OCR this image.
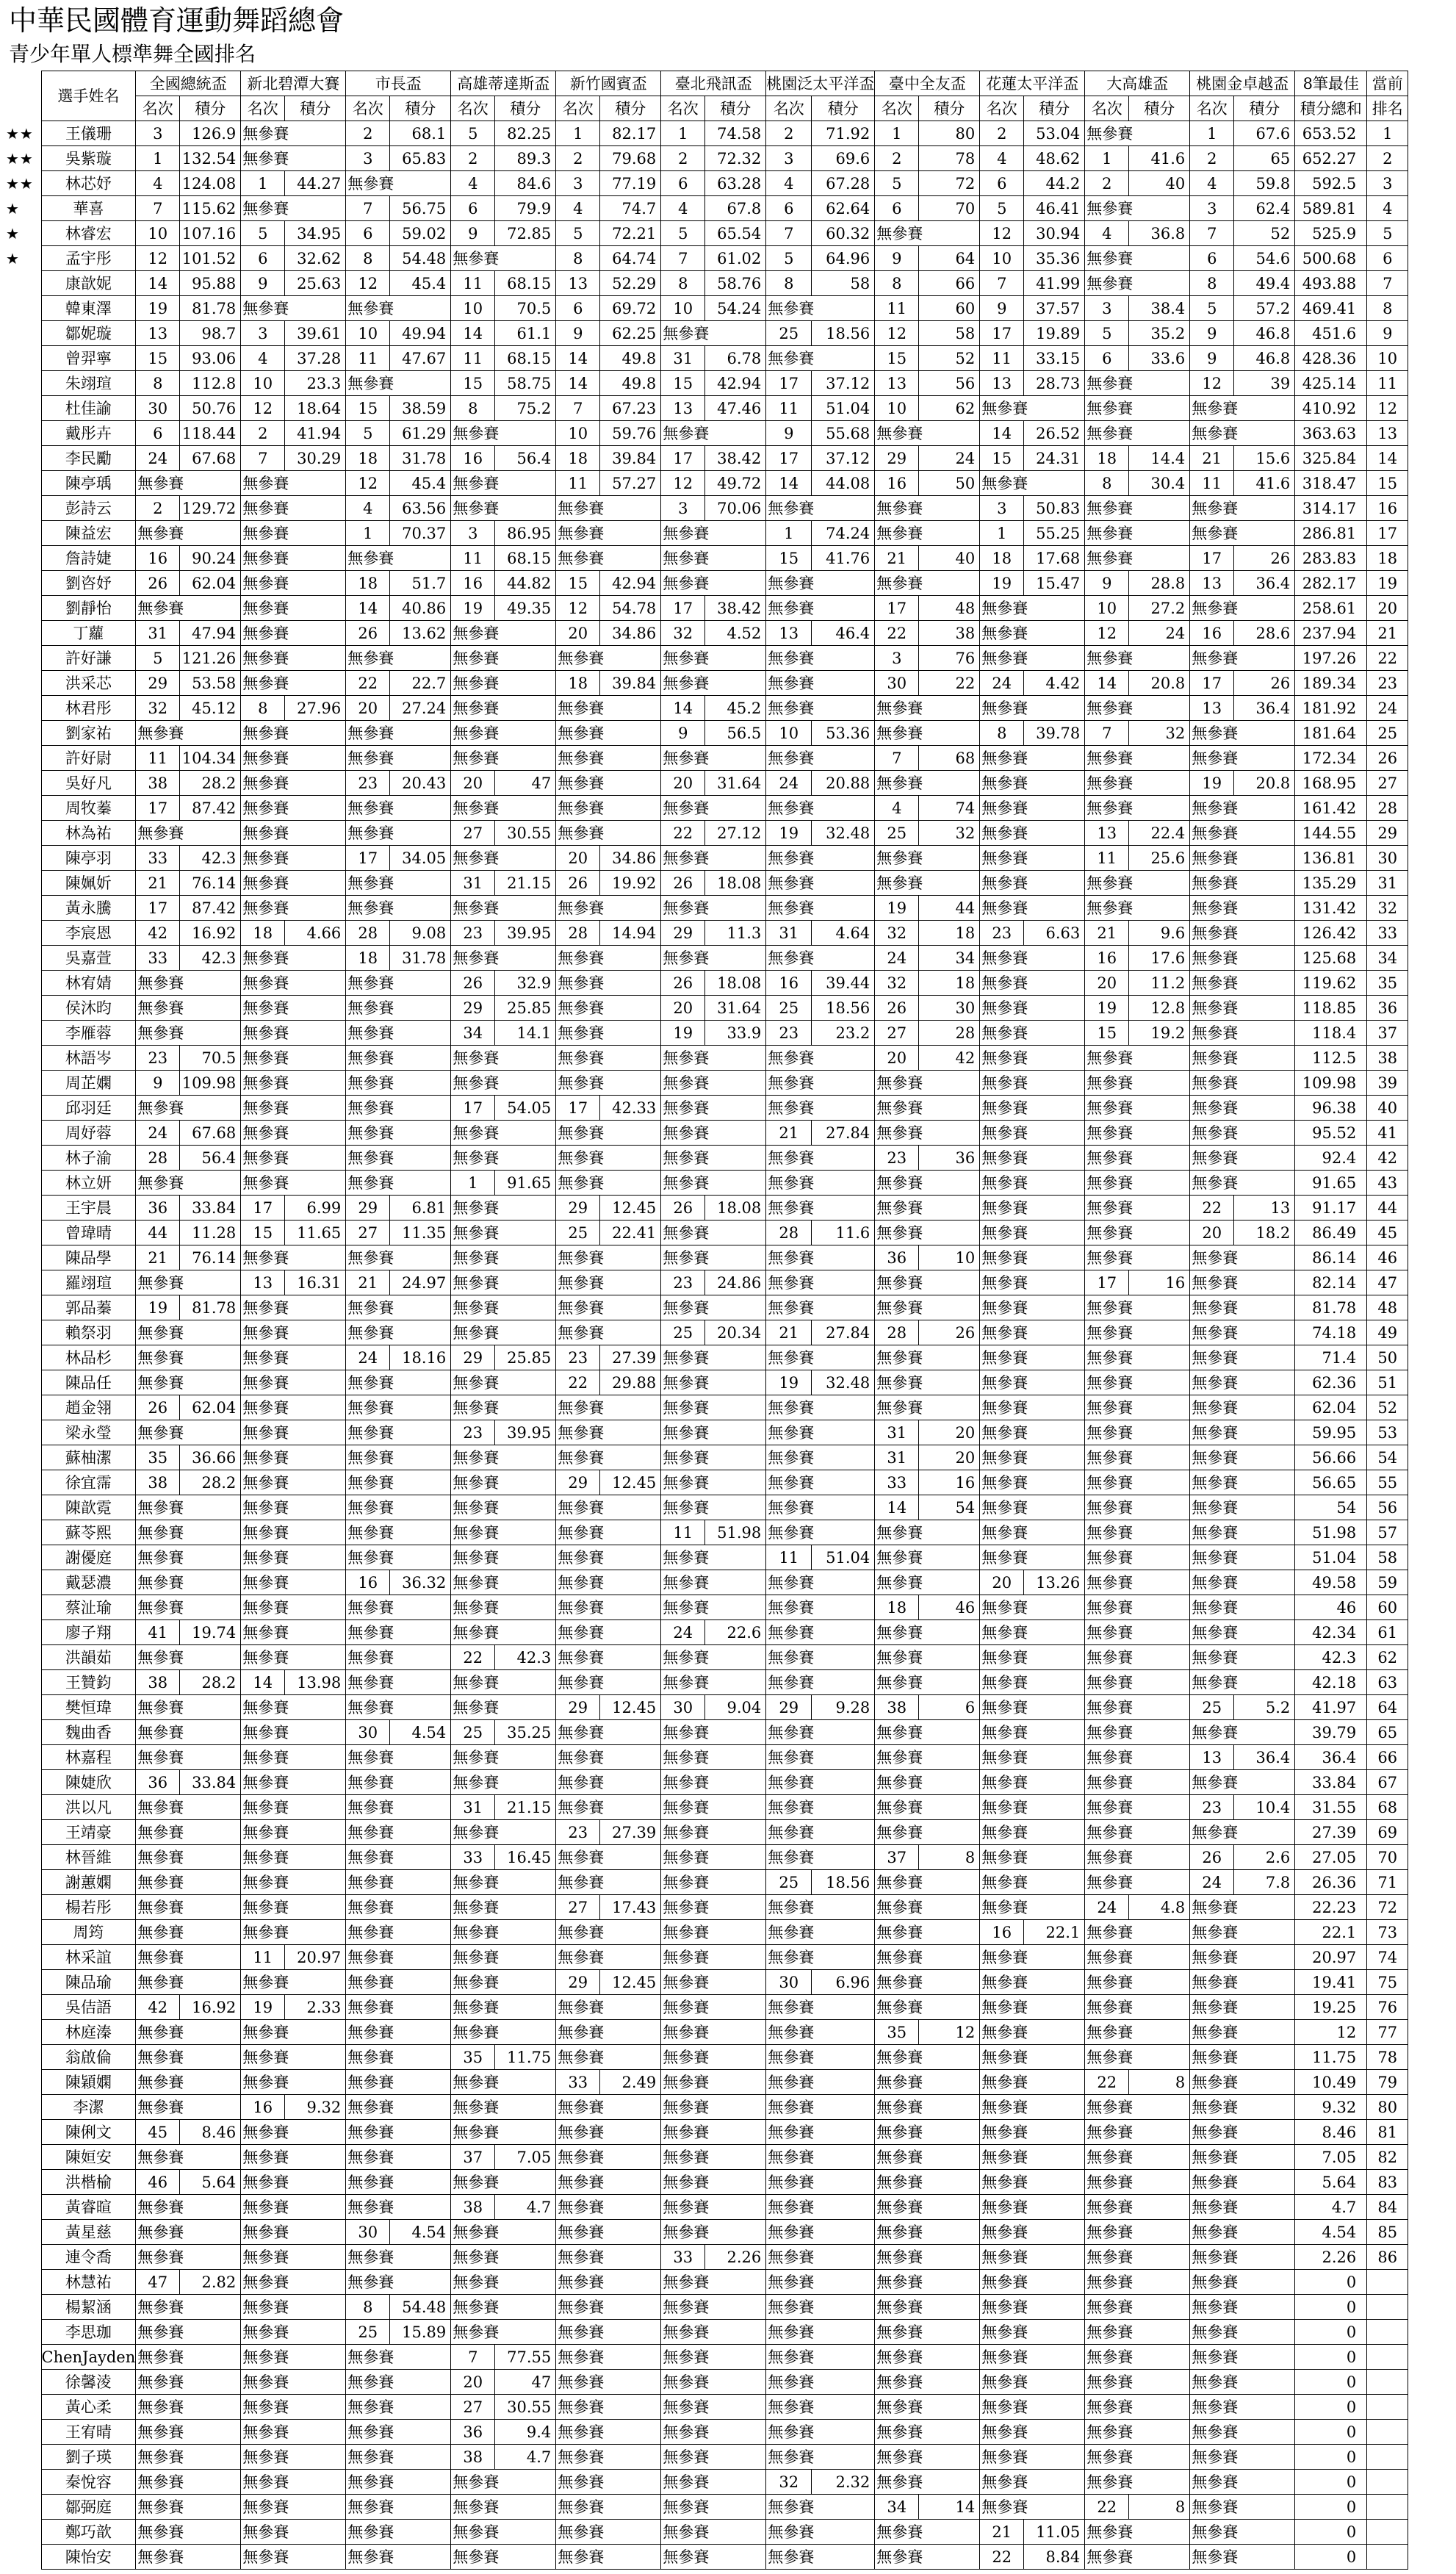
中華民國體育運動舞蹈總會
青少年單人標準舞全國排名
	選手姓名	全國總統盃		新北碧潭大賽		市長盃		高雄蒂達斯盃		新竹國賓盃		臺北飛訊盃		桃園泛太平洋盃		臺中全友盃		花蓮太平洋盃		大高雄盃		桃園金卓越盃		8筆最佳	當前
		名次	積分	名次	積分	名次	積分	名次	積分	名次	積分	名次	積分	名次	積分	名次	積分	名次	積分	名次	積分	名次	積分	積分總和	排名
★★	王儀珊	3	126.9	無參賽		2	68.1	5	82.25	1	82.17	1	74.58	2	71.92	1	80	2	53.04	無參賽		1	67.6	653.52	1
★★	吳紫璇	1	132.54	無參賽		3	65.83	2	89.3	2	79.68	2	72.32	3	69.6	2	78	4	48.62	1	41.6	2	65	652.27	2
★★	林芯妤	4	124.08	1	44.27	無參賽		4	84.6	3	77.19	6	63.28	4	67.28	5	72	6	44.2	2	40	4	59.8	592.5	3
★	華喜	7	115.62	無參賽		7	56.75	6	79.9	4	74.7	4	67.8	6	62.64	6	70	5	46.41	無參賽		3	62.4	589.81	4
★	林睿宏	10	107.16	5	34.95	6	59.02	9	72.85	5	72.21	5	65.54	7	60.32	無參賽		12	30.94	4	36.8	7	52	525.9	5
★	孟宇彤	12	101.52	6	32.62	8	54.48	無參賽		8	64.74	7	61.02	5	64.96	9	64	10	35.36	無參賽		6	54.6	500.68	6
	康歆妮	14	95.88	9	25.63	12	45.4	11	68.15	13	52.29	8	58.76	8	58	8	66	7	41.99	無參賽		8	49.4	493.88	7
	韓東澤	19	81.78	無參賽		無參賽		10	70.5	6	69.72	10	54.24	無參賽		11	60	9	37.57	3	38.4	5	57.2	469.41	8
	鄒妮璇	13	98.7	3	39.61	10	49.94	14	61.1	9	62.25	無參賽		25	18.56	12	58	17	19.89	5	35.2	9	46.8	451.6	9
	曾羿寧	15	93.06	4	37.28	11	47.67	11	68.15	14	49.8	31	6.78	無參賽		15	52	11	33.15	6	33.6	9	46.8	428.36	10
	朱翊瑄	8	112.8	10	23.3	無參賽		15	58.75	14	49.8	15	42.94	17	37.12	13	56	13	28.73	無參賽		12	39	425.14	11
	杜佳諭	30	50.76	12	18.64	15	38.59	8	75.2	7	67.23	13	47.46	11	51.04	10	62	無參賽		無參賽		無參賽		410.92	12
	戴彤卉	6	118.44	2	41.94	5	61.29	無參賽		10	59.76	無參賽		9	55.68	無參賽		14	26.52	無參賽		無參賽		363.63	13
	李民勵	24	67.68	7	30.29	18	31.78	16	56.4	18	39.84	17	38.42	17	37.12	29	24	15	24.31	18	14.4	21	15.6	325.84	14
	陳亭瑀	無參賽		無參賽		12	45.4	無參賽		11	57.27	12	49.72	14	44.08	16	50	無參賽		8	30.4	11	41.6	318.47	15
	彭詩云	2	129.72	無參賽		4	63.56	無參賽		無參賽		3	70.06	無參賽		無參賽		3	50.83	無參賽		無參賽		314.17	16
	陳益宏	無參賽		無參賽		1	70.37	3	86.95	無參賽		無參賽		1	74.24	無參賽		1	55.25	無參賽		無參賽		286.81	17
	詹詩婕	16	90.24	無參賽		無參賽		11	68.15	無參賽		無參賽		15	41.76	21	40	18	17.68	無參賽		17	26	283.83	18
	劉咨妤	26	62.04	無參賽		18	51.7	16	44.82	15	42.94	無參賽		無參賽		無參賽		19	15.47	9	28.8	13	36.4	282.17	19
	劉靜怡	無參賽		無參賽		14	40.86	19	49.35	12	54.78	17	38.42	無參賽		17	48	無參賽		10	27.2	無參賽		258.61	20
	丁蘿	31	47.94	無參賽		26	13.62	無參賽		20	34.86	32	4.52	13	46.4	22	38	無參賽		12	24	16	28.6	237.94	21
	許好謙	5	121.26	無參賽		無參賽		無參賽		無參賽		無參賽		無參賽		3	76	無參賽		無參賽		無參賽		197.26	22
	洪采芯	29	53.58	無參賽		22	22.7	無參賽		18	39.84	無參賽		無參賽		30	22	24	4.42	14	20.8	17	26	189.34	23
	林君彤	32	45.12	8	27.96	20	27.24	無參賽		無參賽		14	45.2	無參賽		無參賽		無參賽		無參賽		13	36.4	181.92	24
	劉家祐	無參賽		無參賽		無參賽		無參賽		無參賽		9	56.5	10	53.36	無參賽		8	39.78	7	32	無參賽		181.64	25
	許好尉	11	104.34	無參賽		無參賽		無參賽		無參賽		無參賽		無參賽		7	68	無參賽		無參賽		無參賽		172.34	26
	吳好凡	38	28.2	無參賽		23	20.43	20	47	無參賽		20	31.64	24	20.88	無參賽		無參賽		無參賽		19	20.8	168.95	27
	周牧蓁	17	87.42	無參賽		無參賽		無參賽		無參賽		無參賽		無參賽		4	74	無參賽		無參賽		無參賽		161.42	28
	林為祐	無參賽		無參賽		無參賽		27	30.55	無參賽		22	27.12	19	32.48	25	32	無參賽		13	22.4	無參賽		144.55	29
	陳亭羽	33	42.3	無參賽		17	34.05	無參賽		20	34.86	無參賽		無參賽		無參賽		無參賽		11	25.6	無參賽		136.81	30
	陳姵妡	21	76.14	無參賽		無參賽		31	21.15	26	19.92	26	18.08	無參賽		無參賽		無參賽		無參賽		無參賽		135.29	31
	黃永騰	17	87.42	無參賽		無參賽		無參賽		無參賽		無參賽		無參賽		19	44	無參賽		無參賽		無參賽		131.42	32
	李宸恩	42	16.92	18	4.66	28	9.08	23	39.95	28	14.94	29	11.3	31	4.64	32	18	23	6.63	21	9.6	無參賽		126.42	33
	吳嘉萱	33	42.3	無參賽		18	31.78	無參賽		無參賽		無參賽		無參賽		24	34	無參賽		16	17.6	無參賽		125.68	34
	林宥婧	無參賽		無參賽		無參賽		26	32.9	無參賽		26	18.08	16	39.44	32	18	無參賽		20	11.2	無參賽		119.62	35
	侯沐昀	無參賽		無參賽		無參賽		29	25.85	無參賽		20	31.64	25	18.56	26	30	無參賽		19	12.8	無參賽		118.85	36
	李雁蓉	無參賽		無參賽		無參賽		34	14.1	無參賽		19	33.9	23	23.2	27	28	無參賽		15	19.2	無參賽		118.4	37
	林語岑	23	70.5	無參賽		無參賽		無參賽		無參賽		無參賽		無參賽		20	42	無參賽		無參賽		無參賽		112.5	38
	周芷嫻	9	109.98	無參賽		無參賽		無參賽		無參賽		無參賽		無參賽		無參賽		無參賽		無參賽		無參賽		109.98	39
	邱羽廷	無參賽		無參賽		無參賽		17	54.05	17	42.33	無參賽		無參賽		無參賽		無參賽		無參賽		無參賽		96.38	40
	周妤蓉	24	67.68	無參賽		無參賽		無參賽		無參賽		無參賽		21	27.84	無參賽		無參賽		無參賽		無參賽		95.52	41
	林子渝	28	56.4	無參賽		無參賽		無參賽		無參賽		無參賽		無參賽		23	36	無參賽		無參賽		無參賽		92.4	42
	林立妍	無參賽		無參賽		無參賽		1	91.65	無參賽		無參賽		無參賽		無參賽		無參賽		無參賽		無參賽		91.65	43
	王宇晨	36	33.84	17	6.99	29	6.81	無參賽		29	12.45	26	18.08	無參賽		無參賽		無參賽		無參賽		22	13	91.17	44
	曾瑋晴	44	11.28	15	11.65	27	11.35	無參賽		25	22.41	無參賽		28	11.6	無參賽		無參賽		無參賽		20	18.2	86.49	45
	陳品學	21	76.14	無參賽		無參賽		無參賽		無參賽		無參賽		無參賽		36	10	無參賽		無參賽		無參賽		86.14	46
	羅翊瑄	無參賽		13	16.31	21	24.97	無參賽		無參賽		23	24.86	無參賽		無參賽		無參賽		17	16	無參賽		82.14	47
	郭品蓁	19	81.78	無參賽		無參賽		無參賽		無參賽		無參賽		無參賽		無參賽		無參賽		無參賽		無參賽		81.78	48
	賴祭羽	無參賽		無參賽		無參賽		無參賽		無參賽		25	20.34	21	27.84	28	26	無參賽		無參賽		無參賽		74.18	49
	林品杉	無參賽		無參賽		24	18.16	29	25.85	23	27.39	無參賽		無參賽		無參賽		無參賽		無參賽		無參賽		71.4	50
	陳品任	無參賽		無參賽		無參賽		無參賽		22	29.88	無參賽		19	32.48	無參賽		無參賽		無參賽		無參賽		62.36	51
	趙金翎	26	62.04	無參賽		無參賽		無參賽		無參賽		無參賽		無參賽		無參賽		無參賽		無參賽		無參賽		62.04	52
	梁永瑩	無參賽		無參賽		無參賽		23	39.95	無參賽		無參賽		無參賽		31	20	無參賽		無參賽		無參賽		59.95	53
	蘇柚潔	35	36.66	無參賽		無參賽		無參賽		無參賽		無參賽		無參賽		31	20	無參賽		無參賽		無參賽		56.66	54
	徐宜霈	38	28.2	無參賽		無參賽		無參賽		29	12.45	無參賽		無參賽		33	16	無參賽		無參賽		無參賽		56.65	55
	陳歆霓	無參賽		無參賽		無參賽		無參賽		無參賽		無參賽		無參賽		14	54	無參賽		無參賽		無參賽		54	56
	蘇苓熙	無參賽		無參賽		無參賽		無參賽		無參賽		11	51.98	無參賽		無參賽		無參賽		無參賽		無參賽		51.98	57
	謝優庭	無參賽		無參賽		無參賽		無參賽		無參賽		無參賽		11	51.04	無參賽		無參賽		無參賽		無參賽		51.04	58
	戴瑟濃	無參賽		無參賽		16	36.32	無參賽		無參賽		無參賽		無參賽		無參賽		20	13.26	無參賽		無參賽		49.58	59
	蔡沚瑜	無參賽		無參賽		無參賽		無參賽		無參賽		無參賽		無參賽		18	46	無參賽		無參賽		無參賽		46	60
	廖子翔	41	19.74	無參賽		無參賽		無參賽		無參賽		24	22.6	無參賽		無參賽		無參賽		無參賽		無參賽		42.34	61
	洪韻茹	無參賽		無參賽		無參賽		22	42.3	無參賽		無參賽		無參賽		無參賽		無參賽		無參賽		無參賽		42.3	62
	王贊鈞	38	28.2	14	13.98	無參賽		無參賽		無參賽		無參賽		無參賽		無參賽		無參賽		無參賽		無參賽		42.18	63
	樊恒瑋	無參賽		無參賽		無參賽		無參賽		29	12.45	30	9.04	29	9.28	38	6	無參賽		無參賽		25	5.2	41.97	64
	魏曲香	無參賽		無參賽		30	4.54	25	35.25	無參賽		無參賽		無參賽		無參賽		無參賽		無參賽		無參賽		39.79	65
	林嘉程	無參賽		無參賽		無參賽		無參賽		無參賽		無參賽		無參賽		無參賽		無參賽		無參賽		13	36.4	36.4	66
	陳婕欣	36	33.84	無參賽		無參賽		無參賽		無參賽		無參賽		無參賽		無參賽		無參賽		無參賽		無參賽		33.84	67
	洪以凡	無參賽		無參賽		無參賽		31	21.15	無參賽		無參賽		無參賽		無參賽		無參賽		無參賽		23	10.4	31.55	68
	王靖豪	無參賽		無參賽		無參賽		無參賽		23	27.39	無參賽		無參賽		無參賽		無參賽		無參賽		無參賽		27.39	69
	林晉維	無參賽		無參賽		無參賽		33	16.45	無參賽		無參賽		無參賽		37	8	無參賽		無參賽		26	2.6	27.05	70
	謝蕙嫻	無參賽		無參賽		無參賽		無參賽		無參賽		無參賽		25	18.56	無參賽		無參賽		無參賽		24	7.8	26.36	71
	楊若彤	無參賽		無參賽		無參賽		無參賽		27	17.43	無參賽		無參賽		無參賽		無參賽		24	4.8	無參賽		22.23	72
	周筠	無參賽		無參賽		無參賽		無參賽		無參賽		無參賽		無參賽		無參賽		16	22.1	無參賽		無參賽		22.1	73
	林采誼	無參賽		11	20.97	無參賽		無參賽		無參賽		無參賽		無參賽		無參賽		無參賽		無參賽		無參賽		20.97	74
	陳品瑜	無參賽		無參賽		無參賽		無參賽		29	12.45	無參賽		30	6.96	無參賽		無參賽		無參賽		無參賽		19.41	75
	吳佶語	42	16.92	19	2.33	無參賽		無參賽		無參賽		無參賽		無參賽		無參賽		無參賽		無參賽		無參賽		19.25	76
	林庭溱	無參賽		無參賽		無參賽		無參賽		無參賽		無參賽		無參賽		35	12	無參賽		無參賽		無參賽		12	77
	翁啟倫	無參賽		無參賽		無參賽		35	11.75	無參賽		無參賽		無參賽		無參賽		無參賽		無參賽		無參賽		11.75	78
	陳穎嫻	無參賽		無參賽		無參賽		無參賽		33	2.49	無參賽		無參賽		無參賽		無參賽		22	8	無參賽		10.49	79
	李潔	無參賽		16	9.32	無參賽		無參賽		無參賽		無參賽		無參賽		無參賽		無參賽		無參賽		無參賽		9.32	80
	陳俐文	45	8.46	無參賽		無參賽		無參賽		無參賽		無參賽		無參賽		無參賽		無參賽		無參賽		無參賽		8.46	81
	陳姮安	無參賽		無參賽		無參賽		37	7.05	無參賽		無參賽		無參賽		無參賽		無參賽		無參賽		無參賽		7.05	82
	洪楷榆	46	5.64	無參賽		無參賽		無參賽		無參賽		無參賽		無參賽		無參賽		無參賽		無參賽		無參賽		5.64	83
	黃睿暄	無參賽		無參賽		無參賽		38	4.7	無參賽		無參賽		無參賽		無參賽		無參賽		無參賽		無參賽		4.7	84
	黃星慈	無參賽		無參賽		30	4.54	無參賽		無參賽		無參賽		無參賽		無參賽		無參賽		無參賽		無參賽		4.54	85
	連令喬	無參賽		無參賽		無參賽		無參賽		無參賽		33	2.26	無參賽		無參賽		無參賽		無參賽		無參賽		2.26	86
	林慧祐	47	2.82	無參賽		無參賽		無參賽		無參賽		無參賽		無參賽		無參賽		無參賽		無參賽		無參賽		0	
	楊絜涵	無參賽		無參賽		8	54.48	無參賽		無參賽		無參賽		無參賽		無參賽		無參賽		無參賽		無參賽		0	
	李思珈	無參賽		無參賽		25	15.89	無參賽		無參賽		無參賽		無參賽		無參賽		無參賽		無參賽		無參賽		0	
	ChenJayden	無參賽		無參賽		無參賽		7	77.55	無參賽		無參賽		無參賽		無參賽		無參賽		無參賽		無參賽		0	
	徐馨淩	無參賽		無參賽		無參賽		20	47	無參賽		無參賽		無參賽		無參賽		無參賽		無參賽		無參賽		0	
	黃心柔	無參賽		無參賽		無參賽		27	30.55	無參賽		無參賽		無參賽		無參賽		無參賽		無參賽		無參賽		0	
	王宥晴	無參賽		無參賽		無參賽		36	9.4	無參賽		無參賽		無參賽		無參賽		無參賽		無參賽		無參賽		0	
	劉子瑛	無參賽		無參賽		無參賽		38	4.7	無參賽		無參賽		無參賽		無參賽		無參賽		無參賽		無參賽		0	
	秦悅容	無參賽		無參賽		無參賽		無參賽		無參賽		無參賽		32	2.32	無參賽		無參賽		無參賽		無參賽		0	
	鄒弼庭	無參賽		無參賽		無參賽		無參賽		無參賽		無參賽		無參賽		34	14	無參賽		22	8	無參賽		0	
	鄭巧歆	無參賽		無參賽		無參賽		無參賽		無參賽		無參賽		無參賽		無參賽		21	11.05	無參賽		無參賽		0	
	陳怡安	無參賽		無參賽		無參賽		無參賽		無參賽		無參賽		無參賽		無參賽		22	8.84	無參賽		無參賽		0	
